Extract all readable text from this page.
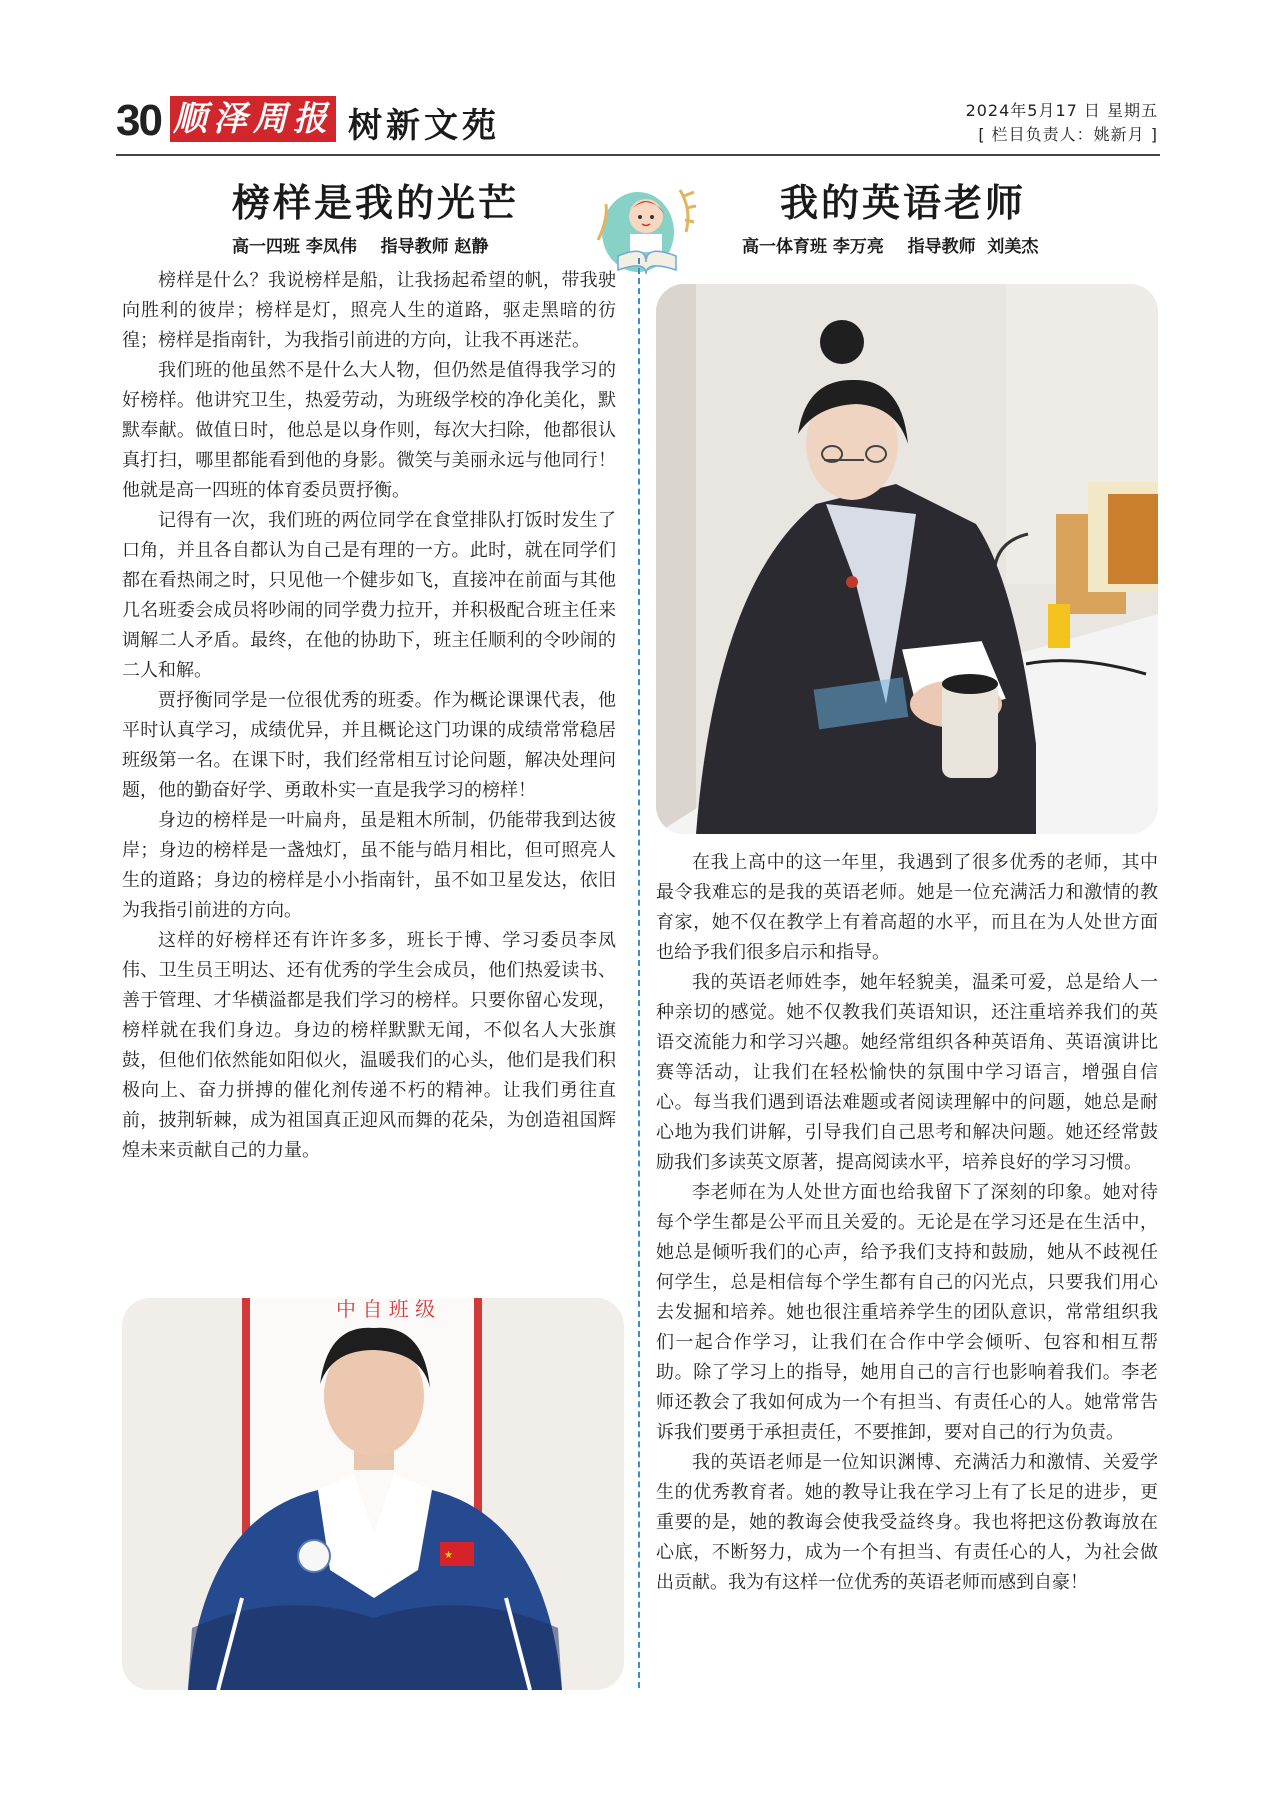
30 顺泽周报 树新文苑	2024年5月17 日 星期五
[ 栏目负责人：姚新月 ]
榜样是我的光芒
高一四班 李凤伟    指导教师 赵静

榜样是什么？我说榜样是船，让我扬起希望的帆，带我驶向胜利的彼岸；榜样是灯，照亮人生的道路，驱走黑暗的彷徨；榜样是指南针，为我指引前进的方向，让我不再迷茫。

我们班的他虽然不是什么大人物，但仍然是值得我学习的好榜样。他讲究卫生，热爱劳动，为班级学校的净化美化，默默奉献。做值日时，他总是以身作则，每次大扫除，他都很认真打扫，哪里都能看到他的身影。微笑与美丽永远与他同行！他就是高一四班的体育委员贾抒衡。

记得有一次，我们班的两位同学在食堂排队打饭时发生了口角，并且各自都认为自己是有理的一方。此时，就在同学们都在看热闹之时，只见他一个健步如飞，直接冲在前面与其他几名班委会成员将吵闹的同学费力拉开，并积极配合班主任来调解二人矛盾。最终，在他的协助下，班主任顺利的令吵闹的二人和解。

贾抒衡同学是一位很优秀的班委。作为概论课课代表，他平时认真学习，成绩优异，并且概论这门功课的成绩常常稳居班级第一名。在课下时，我们经常相互讨论问题，解决处理问题，他的勤奋好学、勇敢朴实一直是我学习的榜样！

身边的榜样是一叶扁舟，虽是粗木所制，仍能带我到达彼岸；身边的榜样是一盏烛灯，虽不能与皓月相比，但可照亮人生的道路；身边的榜样是小小指南针，虽不如卫星发达，依旧为我指引前进的方向。

这样的好榜样还有许许多多，班长于博、学习委员李凤伟、卫生员王明达、还有优秀的学生会成员，他们热爱读书、善于管理、才华横溢都是我们学习的榜样。只要你留心发现，榜样就在我们身边。身边的榜样默默无闻，不似名人大张旗鼓，但他们依然能如阳似火，温暖我们的心头，他们是我们积极向上、奋力拼搏的催化剂传递不朽的精神。让我们勇往直前，披荆斩棘，成为祖国真正迎风而舞的花朵，为创造祖国辉煌未来贡献自己的力量。

中 自 班 级
★
我的英语老师
高一体育班 李万亮    指导教师  刘美杰

在我上高中的这一年里，我遇到了很多优秀的老师，其中最令我难忘的是我的英语老师。她是一位充满活力和激情的教育家，她不仅在教学上有着高超的水平，而且在为人处世方面也给予我们很多启示和指导。

我的英语老师姓李，她年轻貌美，温柔可爱，总是给人一种亲切的感觉。她不仅教我们英语知识，还注重培养我们的英语交流能力和学习兴趣。她经常组织各种英语角、英语演讲比赛等活动，让我们在轻松愉快的氛围中学习语言，增强自信心。每当我们遇到语法难题或者阅读理解中的问题，她总是耐心地为我们讲解，引导我们自己思考和解决问题。她还经常鼓励我们多读英文原著，提高阅读水平，培养良好的学习习惯。

李老师在为人处世方面也给我留下了深刻的印象。她对待每个学生都是公平而且关爱的。无论是在学习还是在生活中，她总是倾听我们的心声，给予我们支持和鼓励，她从不歧视任何学生，总是相信每个学生都有自己的闪光点，只要我们用心去发掘和培养。她也很注重培养学生的团队意识，常常组织我们一起合作学习，让我们在合作中学会倾听、包容和相互帮助。除了学习上的指导，她用自己的言行也影响着我们。李老师还教会了我如何成为一个有担当、有责任心的人。她常常告诉我们要勇于承担责任，不要推卸，要对自己的行为负责。

我的英语老师是一位知识渊博、充满活力和激情、关爱学生的优秀教育者。她的教导让我在学习上有了长足的进步，更重要的是，她的教诲会使我受益终身。我也将把这份教诲放在心底，不断努力，成为一个有担当、有责任心的人，为社会做出贡献。我为有这样一位优秀的英语老师而感到自豪！
